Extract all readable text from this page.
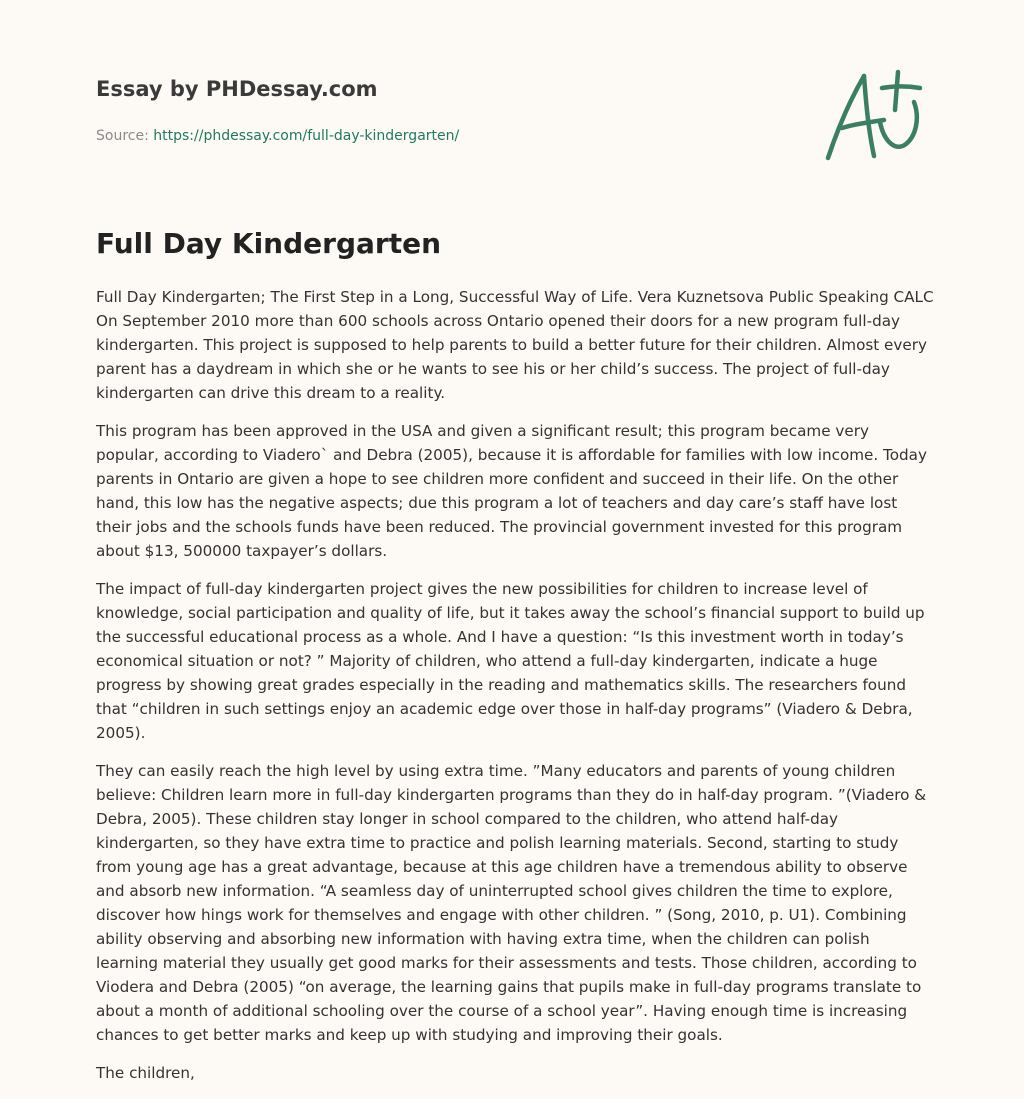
Essay by PHDessay.com
Source: https://phdessay.com/full-day-kindergarten/
Full Day Kindergarten

Full Day Kindergarten; The First Step in a Long, Successful Way of Life. Vera Kuznetsova Public Speaking CALC On September 2010 more than 600 schools across Ontario opened their doors for a new program full-day kindergarten. This project is supposed to help parents to build a better future for their children. Almost every parent has a daydream in which she or he wants to see his or her child’s success. The project of full-day kindergarten can drive this dream to a reality.

This program has been approved in the USA and given a significant result; this program became very popular, according to Viadero` and Debra (2005), because it is affordable for families with low income. Today parents in Ontario are given a hope to see children more confident and succeed in their life. On the other hand, this low has the negative aspects; due this program a lot of teachers and day care’s staff have lost their jobs and the schools funds have been reduced. The provincial government invested for this program about $13, 500000 taxpayer’s dollars.

The impact of full-day kindergarten project gives the new possibilities for children to increase level of knowledge, social participation and quality of life, but it takes away the school’s financial support to build up the successful educational process as a whole. And I have a question: “Is this investment worth in today’s economical situation or not? ” Majority of children, who attend a full-day kindergarten, indicate a huge progress by showing great grades especially in the reading and mathematics skills. The researchers found that “children in such settings enjoy an academic edge over those in half-day programs” (Viadero & Debra, 2005).

They can easily reach the high level by using extra time. ”Many educators and parents of young children believe: Children learn more in full-day kindergarten programs than they do in half-day program. ”(Viadero & Debra, 2005). These children stay longer in school compared to the children, who attend half-day kindergarten, so they have extra time to practice and polish learning materials. Second, starting to study from young age has a great advantage, because at this age children have a tremendous ability to observe and absorb new information. “A seamless day of uninterrupted school gives children the time to explore, discover how hings work for themselves and engage with other children. ” (Song, 2010, p. U1). Combining ability observing and absorbing new information with having extra time, when the children can polish learning material they usually get good marks for their assessments and tests. Those children, according to Viodera and Debra (2005) “on average, the learning gains that pupils make in full-day programs translate to about a month of additional schooling over the course of a school year”. Having enough time is increasing chances to get better marks and keep up with studying and improving their goals.

The children,
